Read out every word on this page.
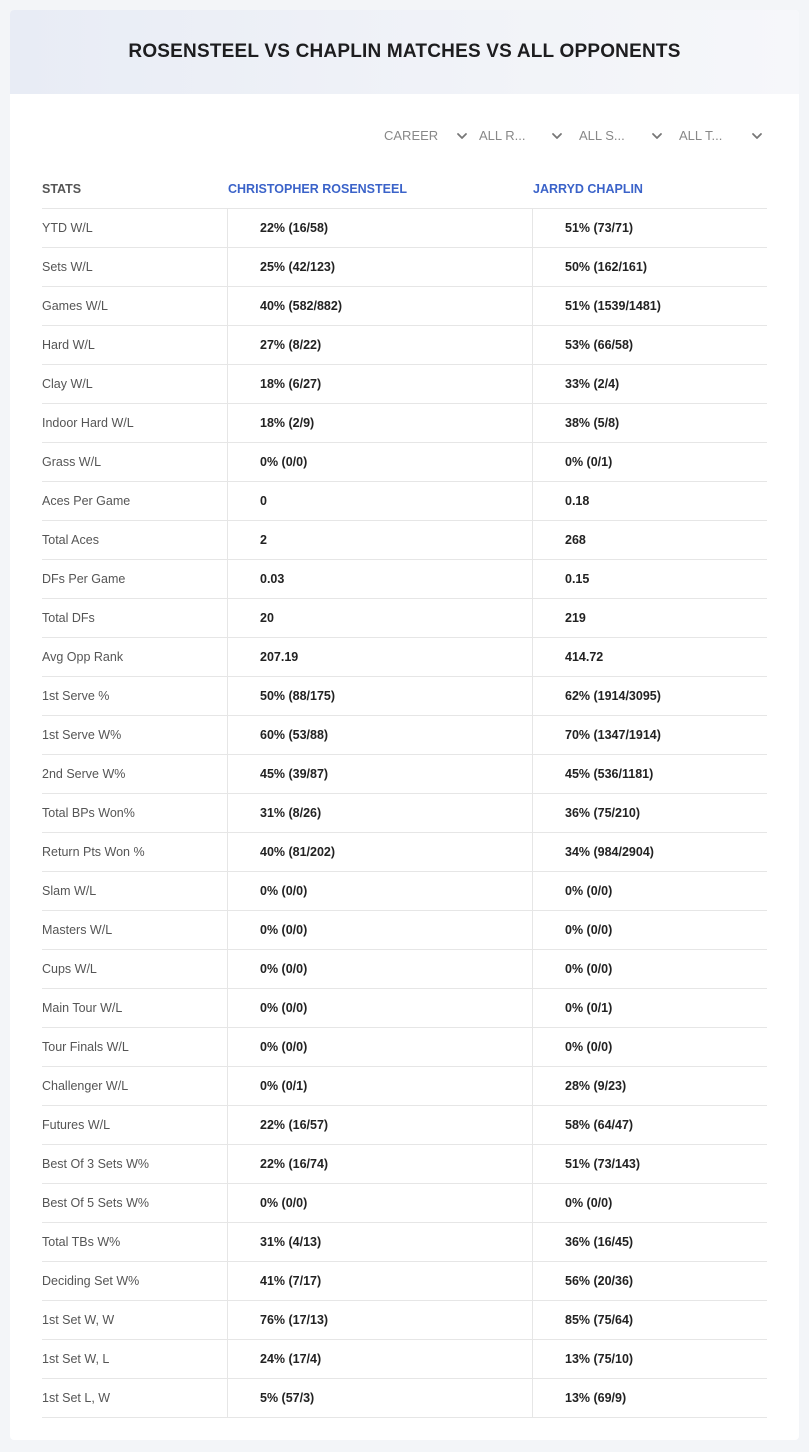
ROSENSTEEL VS CHAPLIN MATCHES VS ALL OPPONENTS
CAREER	ALL R...	ALL S...	ALL T...
STATS	CHRISTOPHER ROSENSTEEL	JARRYD CHAPLIN
YTD W/L	22% (16/58)	51% (73/71)
Sets W/L	25% (42/123)	50% (162/161)
Games W/L	40% (582/882)	51% (1539/1481)
Hard W/L	27% (8/22)	53% (66/58)
Clay W/L	18% (6/27)	33% (2/4)
Indoor Hard W/L	18% (2/9)	38% (5/8)
Grass W/L	0% (0/0)	0% (0/1)
Aces Per Game	0	0.18
Total Aces	2	268
DFs Per Game	0.03	0.15
Total DFs	20	219
Avg Opp Rank	207.19	414.72
1st Serve %	50% (88/175)	62% (1914/3095)
1st Serve W%	60% (53/88)	70% (1347/1914)
2nd Serve W%	45% (39/87)	45% (536/1181)
Total BPs Won%	31% (8/26)	36% (75/210)
Return Pts Won %	40% (81/202)	34% (984/2904)
Slam W/L	0% (0/0)	0% (0/0)
Masters W/L	0% (0/0)	0% (0/0)
Cups W/L	0% (0/0)	0% (0/0)
Main Tour W/L	0% (0/0)	0% (0/1)
Tour Finals W/L	0% (0/0)	0% (0/0)
Challenger W/L	0% (0/1)	28% (9/23)
Futures W/L	22% (16/57)	58% (64/47)
Best Of 3 Sets W%	22% (16/74)	51% (73/143)
Best Of 5 Sets W%	0% (0/0)	0% (0/0)
Total TBs W%	31% (4/13)	36% (16/45)
Deciding Set W%	41% (7/17)	56% (20/36)
1st Set W, W	76% (17/13)	85% (75/64)
1st Set W, L	24% (17/4)	13% (75/10)
1st Set L, W	5% (57/3)	13% (69/9)
